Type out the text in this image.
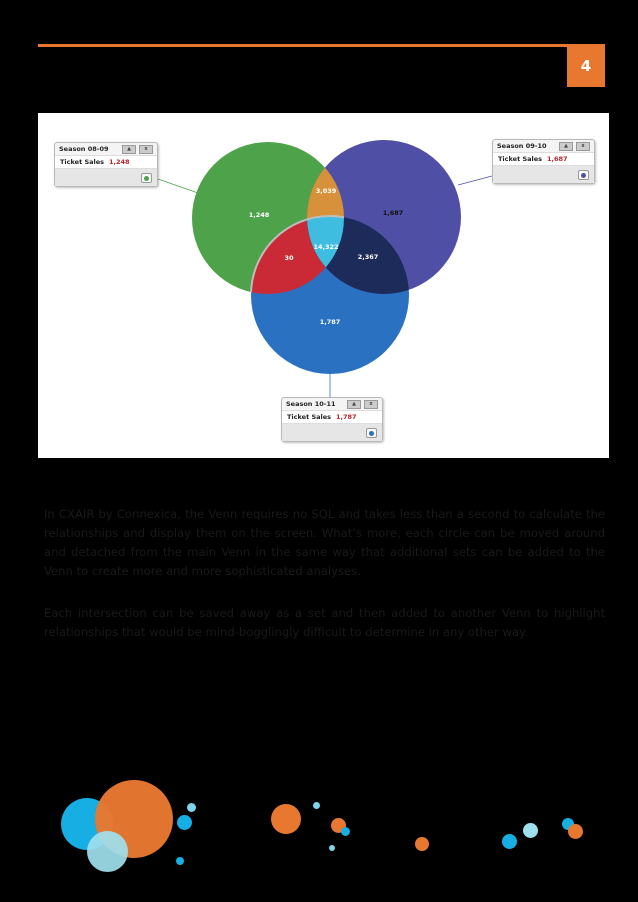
4
1,248	1,687
1,787
3,039
30	2,367
14,322
Season 08-09	▲	x
Ticket Sales 1,248
Season 09-10	▲	x
Ticket Sales 1,687
Season 10-11	▲	x
Ticket Sales 1,787

In CXAIR by Connexica, the Venn requires no SQL and takes less than a second to calculate the relationships and display them on the screen. What’s more, each circle can be moved around and detached from the main Venn in the same way that additional sets can be added to the Venn to create more and more sophisticated analyses.

Each intersection can be saved away as a set and then added to another Venn to highlight relationships that would be mind-bogglingly difficult to determine in any other way.
